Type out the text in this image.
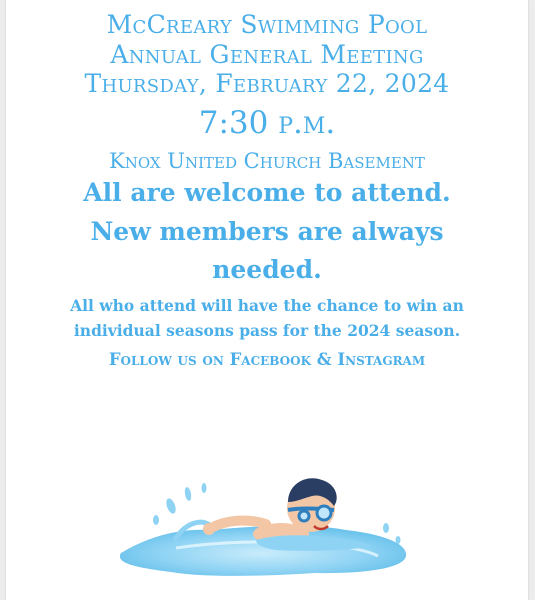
McCreary Swimming Pool
Annual General Meeting
Thursday, February 22, 2024
7:30 p.m.
Knox United Church Basement
All are welcome to attend.
New members are always needed.
All who attend will have the chance to win an individual seasons pass for the 2024 season.
Follow us on Facebook & Instagram
